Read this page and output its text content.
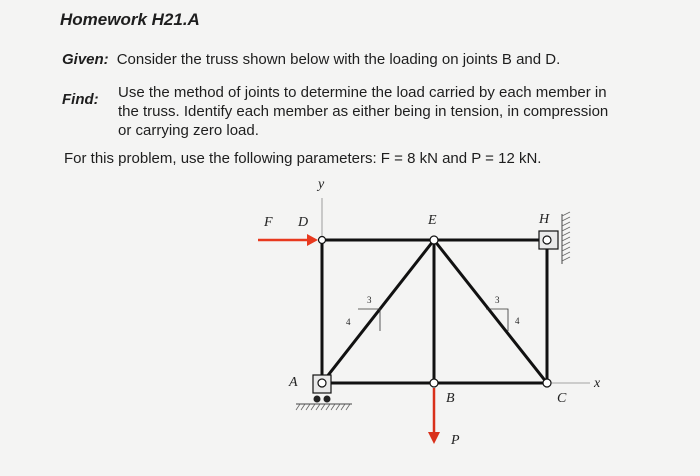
Homework H21.A
Given: Consider the truss shown below with the loading on joints B and D.
Find: Use the method of joints to determine the load carried by each member in
the truss. Identify each member as either being in tension, in compression
or carrying zero load.
For this problem, use the following parameters: F = 8 kN and P = 12 kN.
y
x
3
4
3
4
F D	E	H
A
B	C
P
